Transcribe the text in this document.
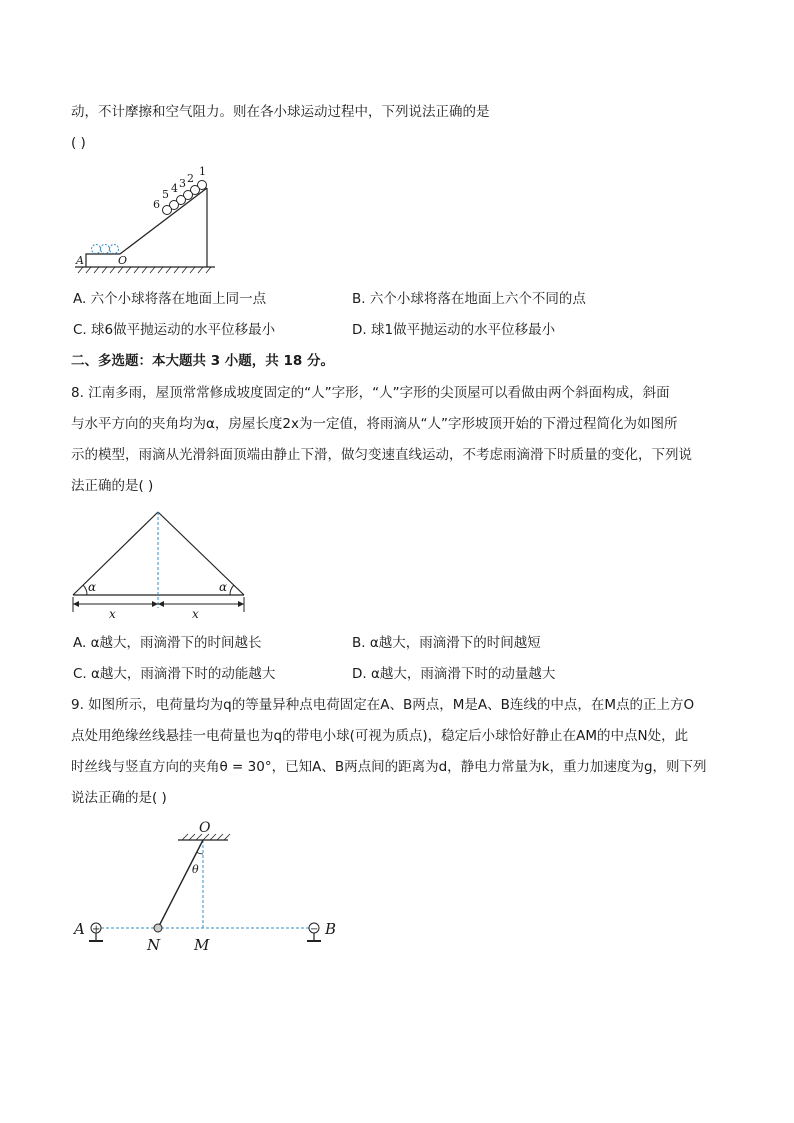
动，不计摩擦和空气阻力。则在各小球运动过程中，下列说法正确的是
( )
1
2
3
4
5
6
A	O
A. 六个小球将落在地面上同一点	B. 六个小球将落在地面上六个不同的点
C. 球6做平抛运动的水平位移最小	D. 球1做平抛运动的水平位移最小
二、多选题：本大题共 3 小题，共 18 分。
8. 江南多雨，屋顶常常修成坡度固定的“人”字形，“人”字形的尖顶屋可以看做由两个斜面构成，斜面
与水平方向的夹角均为α，房屋长度2x为一定值，将雨滴从“人”字形坡顶开始的下滑过程简化为如图所
示的模型，雨滴从光滑斜面顶端由静止下滑，做匀变速直线运动，不考虑雨滴滑下时质量的变化，下列说
法正确的是( )
α	α
x	x
A. α越大，雨滴滑下的时间越长	B. α越大，雨滴滑下的时间越短
C. α越大，雨滴滑下时的动能越大	D. α越大，雨滴滑下时的动量越大
9. 如图所示，电荷量均为q的等量异种点电荷固定在A、B两点，M是A、B连线的中点，在M点的正上方O
点处用绝缘丝线悬挂一电荷量也为q的带电小球(可视为质点)，稳定后小球恰好静止在AM的中点N处，此
时丝线与竖直方向的夹角θ = 30°，已知A、B两点间的距离为d，静电力常量为k，重力加速度为g，则下列
说法正确的是( )
O
θ
+	−
A	B
N M
